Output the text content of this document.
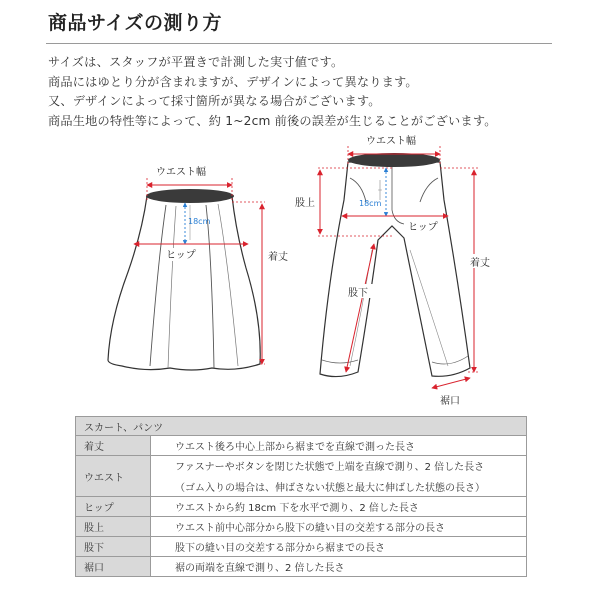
商品サイズの測り方
サイズは、スタッフが平置きで計測した実寸値です。
商品にはゆとり分が含まれますが、デザインによって異なります。
又、デザインによって採寸箇所が異なる場合がございます。
商品生地の特性等によって、約 1~2cm 前後の誤差が生じることがございます。
ウエスト幅
18cm
ヒップ	着丈
ウエスト幅
股上	18cm
ヒップ
着丈
股下
裾口
スカート、パンツ	
着丈	ウエスト後ろ中心上部から裾までを直線で測った長さ
ウエスト	ファスナーやボタンを閉じた状態で上端を直線で測り、2 倍した長さ
（ゴム入りの場合は、伸ばさない状態と最大に伸ばした状態の長さ）

ヒップ	ウエストから約 18cm 下を水平で測り、2 倍した長さ
股上	ウエスト前中心部分から股下の縫い目の交差する部分の長さ
股下	股下の縫い目の交差する部分から裾までの長さ
裾口	裾の両端を直線で測り、2 倍した長さ
